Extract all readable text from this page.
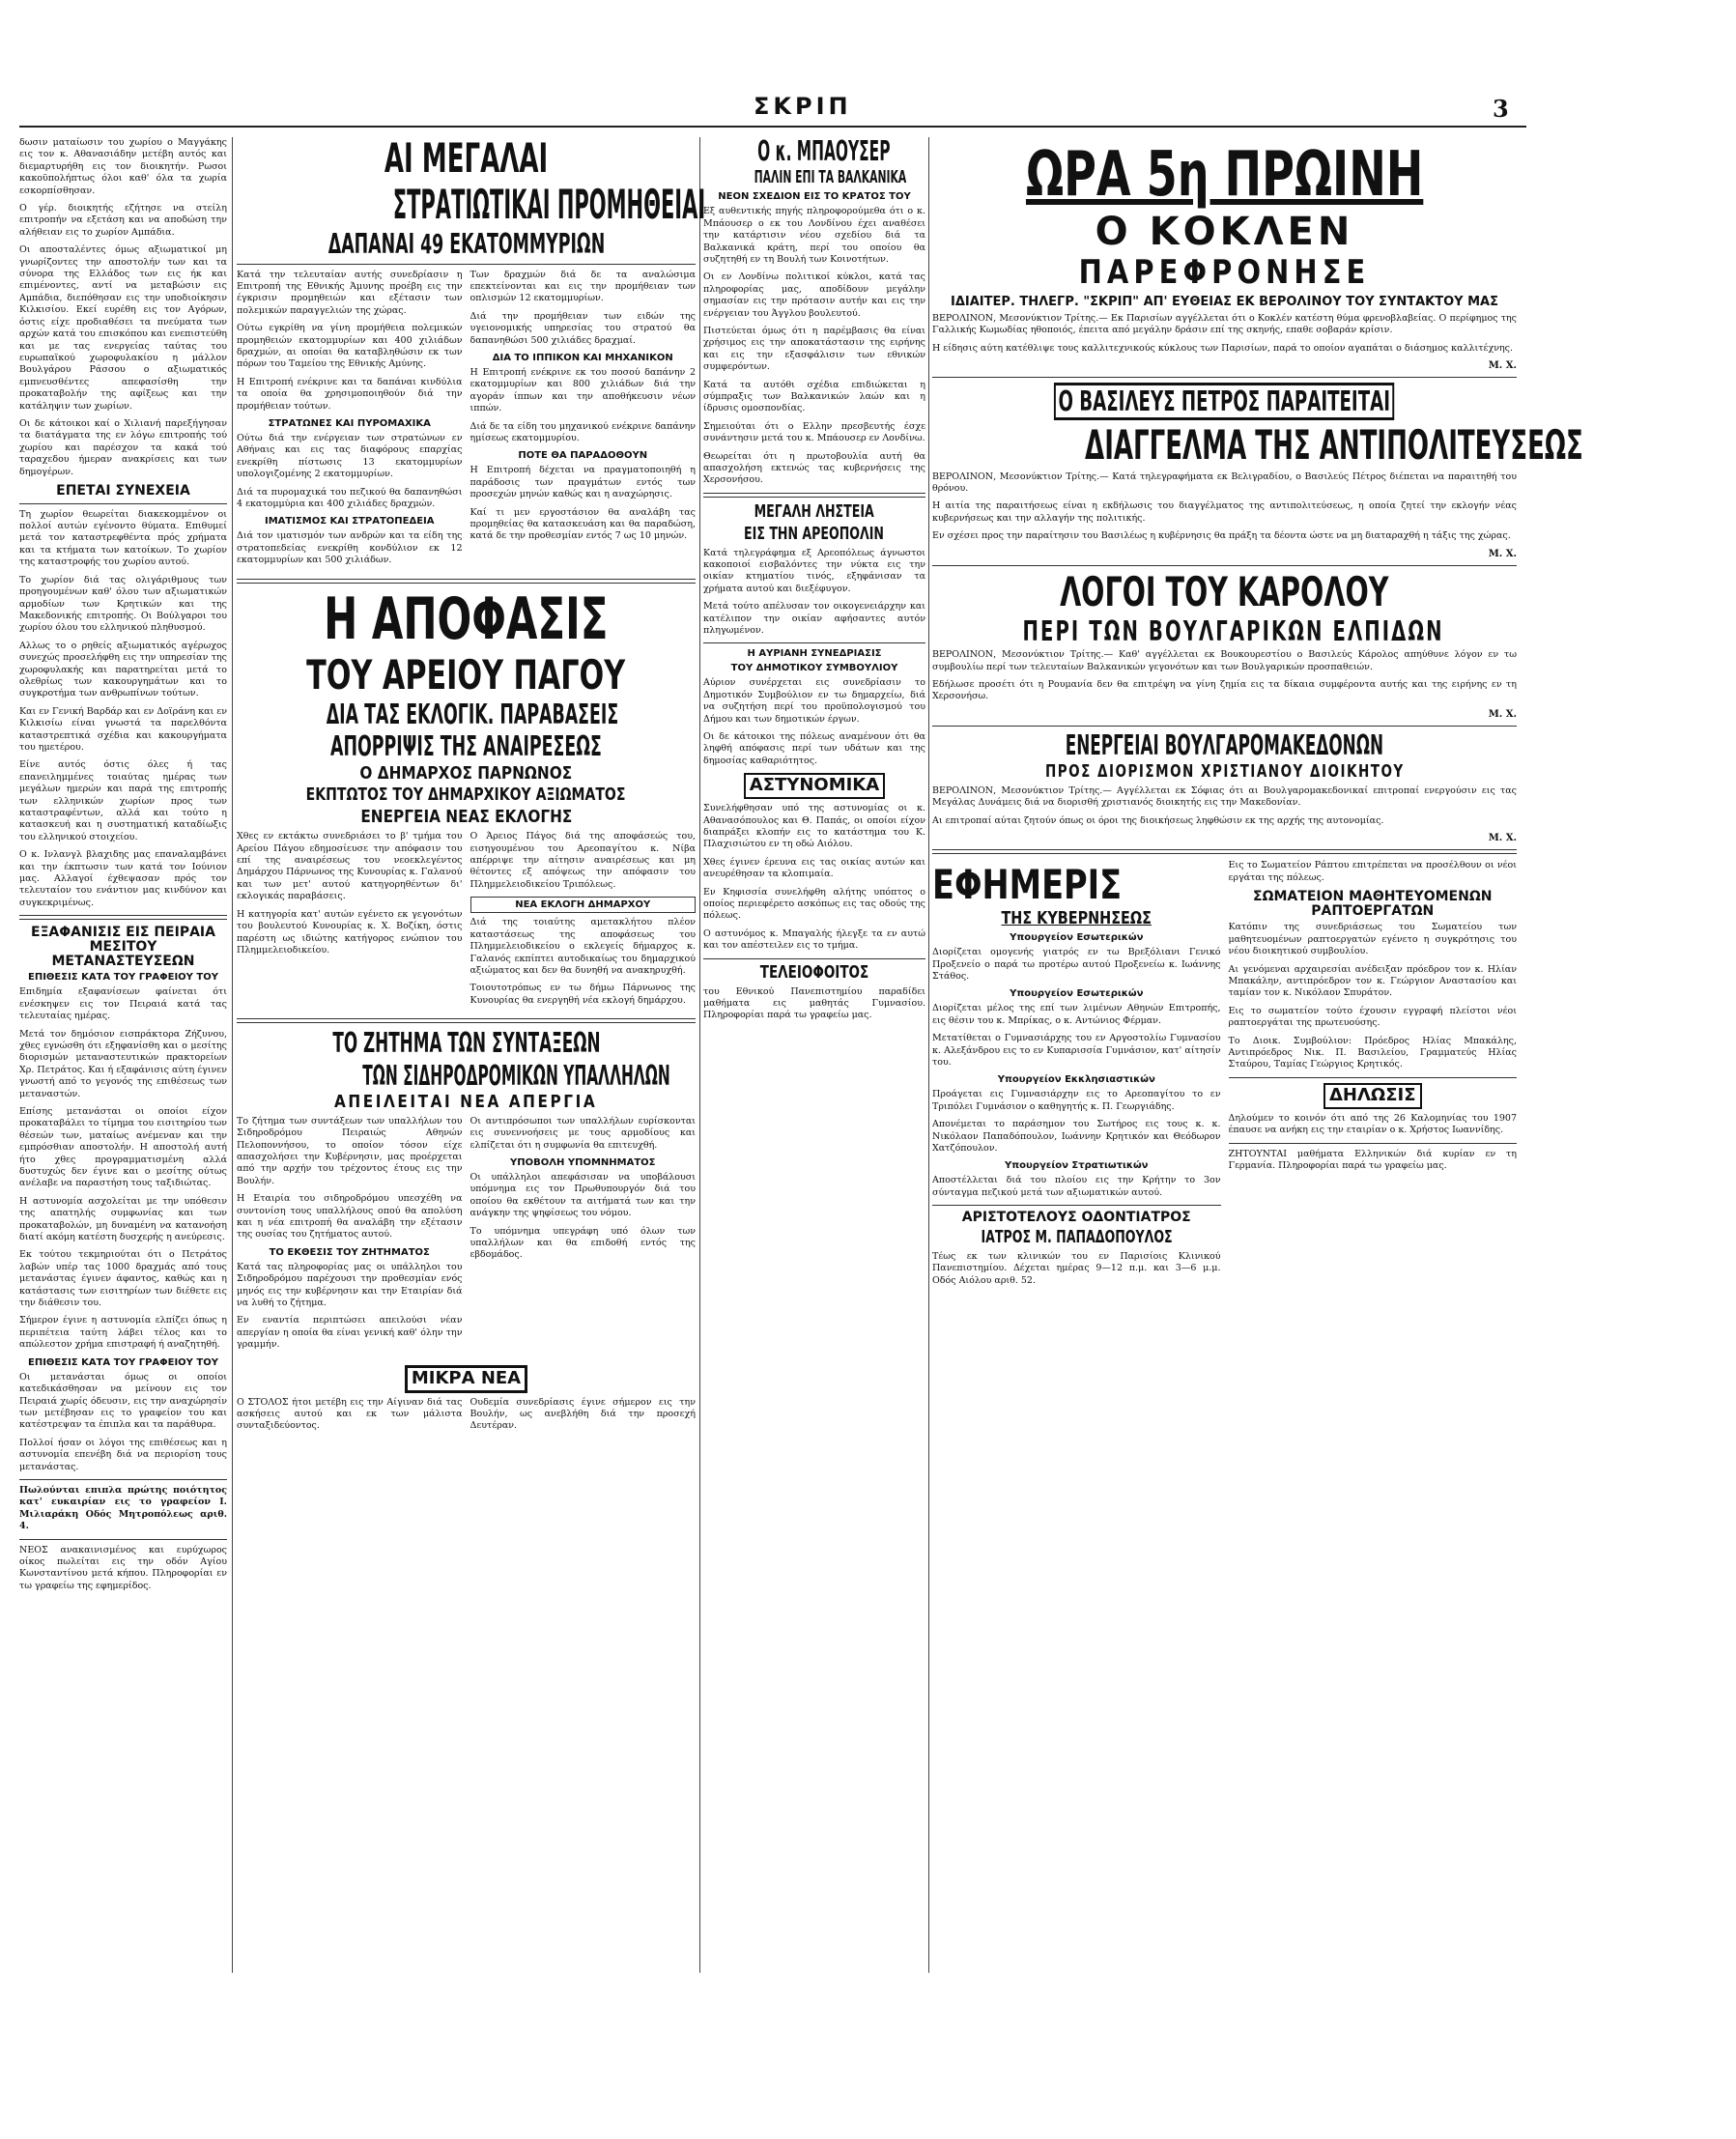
ΣΚΡΙΠ	3

δωσιν ματαίωσιν του χωρίου ο Μαγγάκης εις τον κ. Αθανασιάδην μετέβη αυτός και διεμαρτυρήθη εις τον διοικητήν. Ρωσοι κακοϋπολήπτως όλοι καθ' όλα τα χωρία εσκορπίσθησαν.

Ο γέρ. διοικητής εζήτησε να στείλη επιτροπήν να εξετάση και να αποδώση την αλήθειαν εις το χωρίον Αμπάδια.

Οι αποσταλέντες όμως αξιωματικοί μη γνωρίζοντες την αποστολήν των και τα σύνορα της Ελλάδος των εις ήκ και επιμένοντες, αντί να μεταβώσιν εις Αμπάδια, διεπόθησαν εις την υποδιοίκησιν Κιλκισίου. Εκεί ευρέθη εις τον Αγόρων, όστις είχε προδιαθέσει τα πνεύματα των αρχών κατά του επισκόπου και ενεπιστεύθη και με τας ενεργείας ταύτας του ευρωπαϊκού χωροφυλακίου η μάλλον Βουλγάρου Ράσσου ο αξιωματικός εμπνευσθέντες απεφασίσθη την προκαταβολήν της αφίξεως και την κατάληψιν των χωρίων.

Οι δε κάτοικοι καί ο Χιλιανή παρεξήγησαν τα διατάγματα της εν λόγω επιτροπής τού χωρίου και παρέσχον τα κακά τού ταραχεδου ήμεραν ανακρίσεις και των δημογέρων.

ΕΠΕΤΑΙ ΣΥΝΕΧΕΙΑ

Τη χωρίον θεωρείται διακεκομμένον οι πολλοί αυτών εγένοντο θύματα. Επιθυμεί μετά τον καταστρεφθέντα πρός χρήματα και τα κτήματα των κατοίκων. Το χωρίον της καταστροφής του χωρίου αυτού.

Το χωρίον διά τας ολιγάριθμους των προηγουμένων καθ' όλου των αξιωματικών αρμοδίων των Κρητικών και της Μακεδονικής επιτροπής. Οι Βούλγαροι του χωρίου όλου του ελληνικού πληθυσμού.

Αλλως το ο ρηθείς αξιωματικός αγέρωχος συνεχώς προσελήφθη εις την υπηρεσίαν της χωροφυλακής και παρατηρείται μετά το ολεθρίως των κακουργημάτων και το συγκροτήμα των ανθρωπίνων τούτων.

Και εν Γενική Βαρδάρ και εν Δοϊράνη και εν Κιλκισίω είναι γνωστά τα παρελθόντα καταστρεπτικά σχέδια και κακουργήματα του ημετέρου.

Είνε αυτός όστις όλες ή τας επανειλημμένες τοιαύτας ημέρας των μεγάλων ημερών και παρά της επιτροπής των ελληνικών χωρίων προς των καταστραφέντων, αλλά και τούτο η κατασκευή και η συστηματική καταδίωξις του ελληνικού στοιχείου.

Ο κ. Ινλανγλ βλαχιδης μας επαναλαμβάνει και την έκπτωσιν των κατά τον Ιούνιον μας. Αλλαγοί έχθεψασαν πρός τον τελευταίον του ενάντιον μας κινδύνον και συγκεκριμένως.

ΕΞΑΦΑΝΙΣΙΣ ΕΙΣ ΠΕΙΡΑΙΑ ΜΕΣΙΤΟΥ ΜΕΤΑΝΑΣΤΕΥΣΕΩΝ
ΕΠΙΘΕΣΙΣ ΚΑΤΑ ΤΟΥ ΓΡΑΦΕΙΟΥ ΤΟΥ

Επιδημία εξαφανίσεων φαίνεται ότι ενέσκηψεν εις τον Πειραιά κατά τας τελευταίας ημέρας.

Μετά τον δημόσιον εισπράκτορα Ζήζυνου, χθες εγνώσθη ότι εξηφανίσθη και ο μεσίτης διορισμών μεταναστευτικών πρακτορείων Χρ. Πετράτος. Και ή εξαφάνισις αύτη έγινεν γνωστή από το γεγονός της επιθέσεως των μεταναστών.

Επίσης μετανάσται οι οποίοι είχον προκαταβάλει το τίμημα του εισιτηρίου των θέσεών των, ματαίως ανέμεναν και την εμπρόσθιαν αποστολήν. Η αποστολή αυτή ήτο χθες προγραμματισμένη αλλά δυστυχώς δεν έγινε και ο μεσίτης ούτως ανέλαβε να παραστήση τους ταξιδιώτας.

Η αστυνομία ασχολείται με την υπόθεσιν της απατηλής συμφωνίας και των προκαταβολών, μη δυναμένη να κατανοήση διατί ακόμη κατέστη δυσχερής η ανεύρεσις.

Εκ τούτου τεκμηριούται ότι ο Πετράτος λαβών υπέρ τας 1000 δραχμάς από τους μετανάστας έγινεν άφαντος, καθώς και η κατάστασις των εισιτηρίων των διέθετε εις την διάθεσιν του.

Σήμερον έγινε η αστυνομία ελπίζει όπως η περιπέτεια ταύτη λάβει τέλος και το απώλεστον χρήμα επιστραφή ή αναζητηθή.

ΕΠΙΘΕΣΙΣ ΚΑΤΑ ΤΟΥ ΓΡΑΦΕΙΟΥ ΤΟΥ

Οι μετανάσται όμως οι οποίοι κατεδικάσθησαν να μείνουν εις τον Πειραιά χωρίς όδευσιν, εις την αναχώρησίν των μετέβησαν εις το γραφείον του και κατέστρεψαν τα έπιπλα και τα παράθυρα.

Πολλοί ήσαν οι λόγοι της επιθέσεως και η αστυνομία επενέβη διά να περιορίση τους μετανάστας.

Πωλούνται επιπλα πρώτης ποιότητος κατ' ευκαιρίαν εις το γραφείον Ι. Μιλιαράκη Οδός Μητροπόλεως αριθ. 4.

ΝΕΟΣ ανακαινισμένος και ευρύχωρος οίκος πωλείται εις την οδόν Αγίου Κωνσταντίνου μετά κήπου. Πληροφορίαι εν τω γραφείω της εφημερίδος.

ΑΙ ΜΕΓΑΛΑΙ
ΣΤΡΑΤΙΩΤΙΚΑΙ ΠΡΟΜΗΘΕΙΑΙ
ΔΑΠΑΝΑΙ 49 ΕΚΑΤΟΜΜΥΡΙΩΝ

Κατά την τελευταίαν αυτής συνεδρίασιν η Επιτροπή της Εθνικής Άμυνης προέβη εις την έγκρισιν προμηθειών και εξέτασιν των πολεμικών παραγγελιών της χώρας.

Ούτω εγκρίθη να γίνη προμήθεια πολεμικών προμηθειών εκατομμυρίων και 400 χιλιάδων δραχμών, αι οποίαι θα καταβληθώσιν εκ των πόρων του Ταμείου της Εθνικής Αμύνης.

Η Επιτροπή ενέκρινε και τα δαπάναι κινδύλια τα οποία θα χρησιμοποιηθούν διά την προμήθειαν τούτων.

ΣΤΡΑΤΩΝΕΣ ΚΑΙ ΠΥΡΟΜΑΧΙΚΑ

Ούτω διά την ενέργειαν των στρατώνων εν Αθήναις και εις τας διαφόρους επαρχίας ενεκρίθη πίστωσις 13 εκατομμυρίων υπολογιζομένης 2 εκατομμυρίων.

Διά τα πυρομαχικά του πεζικού θα δαπανηθώσι 4 εκατομμύρια και 400 χιλιάδες δραχμών.

ΙΜΑΤΙΣΜΟΣ ΚΑΙ ΣΤΡΑΤΟΠΕΔΕΙΑ

Διά τον ιματισμόν των ανδρών και τα είδη της στρατοπεδείας ενεκρίθη κονδύλιον εκ 12 εκατομμυρίων και 500 χιλιάδων.

Των δραχμών διά δε τα αναλώσιμα επεκτείνονται και εις την προμήθειαν των οπλισμών 12 εκατομμυρίων.

Διά την προμήθειαν των ειδών της υγειονομικής υπηρεσίας του στρατού θα δαπανηθώσι 500 χιλιάδες δραχμαί.

ΔΙΑ ΤΟ ΙΠΠΙΚΟΝ ΚΑΙ ΜΗΧΑΝΙΚΟΝ

Η Επιτροπή ενέκρινε εκ του ποσού δαπάνην 2 εκατομμυρίων και 800 χιλιάδων διά την αγοράν ίππων και την αποθήκευσιν νέων ιππών.

Διά δε τα είδη του μηχανικού ενέκρινε δαπάνην ημίσεως εκατομμυρίου.

ΠΟΤΕ ΘΑ ΠΑΡΑΔΟΘΟΥΝ

Η Επιτροπή δέχεται να πραγματοποιηθή η παράδοσις των πραγμάτων εντός των προσεχών μηνών καθώς και η αναχώρησις.

Καί τι μεν εργοστάσιον θα αναλάβη τας προμηθείας θα κατασκευάση και θα παραδώση, κατά δε την προθεσμίαν εντός 7 ως 10 μηνών.

Η ΑΠΟΦΑΣΙΣ
ΤΟΥ ΑΡΕΙΟΥ ΠΑΓΟΥ
ΔΙΑ ΤΑΣ ΕΚΛΟΓΙΚ. ΠΑΡΑΒΑΣΕΙΣ
ΑΠΟΡΡΙΨΙΣ ΤΗΣ ΑΝΑΙΡΕΣΕΩΣ
Ο ΔΗΜΑΡΧΟΣ ΠΑΡΝΩΝΟΣ
ΕΚΠΤΩΤΟΣ ΤΟΥ ΔΗΜΑΡΧΙΚΟΥ ΑΞΙΩΜΑΤΟΣ
ΕΝΕΡΓΕΙΑ ΝΕΑΣ ΕΚΛΟΓΗΣ

Χθες εν εκτάκτω συνεδριάσει το β' τμήμα του Αρείου Πάγου εδημοσίευσε την απόφασιν του επί της αναιρέσεως του νεοεκλεγέντος Δημάρχου Πάρνωνος της Κυνουρίας κ. Γαλανού και των μετ' αυτού κατηγορηθέντων δι' εκλογικάς παραβάσεις.

Η κατηγορία κατ' αυτών εγένετο εκ γεγονότων του βουλευτού Κυνουρίας κ. Χ. Βοζίκη, όστις παρέστη ως ιδιώτης κατήγορος ενώπιον του Πλημμελειοδικείου.

Ο Άρειος Πάγος διά της αποφάσεώς του, εισηγουμένου του Αρεοπαγίτου κ. Νίβα απέρριψε την αίτησιν αναιρέσεως και μη θέτοντες εξ απόψεως την απόφασιν του Πλημμελειοδικείου Τριπόλεως.

ΝΕΑ ΕΚΛΟΓΗ ΔΗΜΑΡΧΟΥ

Διά της τοιαύτης αμετακλήτου πλέον καταστάσεως της αποφάσεως του Πλημμελειοδικείου ο εκλεγείς δήμαρχος κ. Γαλανός εκπίπτει αυτοδικαίως του δημαρχικού αξιώματος και δεν θα δυνηθή να ανακηρυχθή.

Τοιουτοτρόπως εν τω δήμω Πάρνωνος της Κυνουρίας θα ενεργηθή νέα εκλογή δημάρχου.

ΤΟ ΖΗΤΗΜΑ ΤΩΝ ΣΥΝΤΑΞΕΩΝ
ΤΩΝ ΣΙΔΗΡΟΔΡΟΜΙΚΩΝ ΥΠΑΛΛΗΛΩΝ
ΑΠΕΙΛΕΙΤΑΙ ΝΕΑ ΑΠΕΡΓΙΑ

Το ζήτημα των συντάξεων των υπαλλήλων του Σιδηροδρόμου Πειραιώς Αθηνών Πελοποννήσου, το οποίον τόσον είχε απασχολήσει την Κυβέρνησιν, μας προέρχεται από την αρχήν του τρέχοντος έτους εις την Βουλήν.

Η Εταιρία του σιδηροδρόμου υπεσχέθη να συντονίση τους υπαλλήλους οπού θα απολύση και η νέα επιτροπή θα αναλάβη την εξέτασιν της ουσίας του ζητήματος αυτού.

ΤΟ ΕΚΘΕΣΙΣ ΤΟΥ ΖΗΤΗΜΑΤΟΣ

Κατά τας πληροφορίας μας οι υπάλληλοι του Σιδηροδρόμου παρέχουσι την προθεσμίαν ενός μηνός εις την κυβέρνησιν και την Εταιρίαν διά να λυθή το ζήτημα.

Εν εναντία περιπτώσει απειλούσι νέαν απεργίαν η οποία θα είναι γενική καθ' όλην την γραμμήν.

Οι αντιπρόσωποι των υπαλλήλων ευρίσκονται εις συνεννοήσεις με τους αρμοδίους και ελπίζεται ότι η συμφωνία θα επιτευχθή.

ΥΠΟΒΟΛΗ ΥΠΟΜΝΗΜΑΤΟΣ

Οι υπάλληλοι απεφάσισαν να υποβάλουσι υπόμνημα εις τον Πρωθυπουργόν διά του οποίου θα εκθέτουν τα αιτήματά των και την ανάγκην της ψηφίσεως του νόμου.

Το υπόμνημα υπεγράφη υπό όλων των υπαλλήλων και θα επιδοθή εντός της εβδομάδος.

ΜΙΚΡΑ ΝΕΑ

Ο ΣΤΟΛΟΣ ήτοι μετέβη εις την Αίγιναν διά τας ασκήσεις αυτού και εκ των μάλιστα συνταξιδεύοντος.

Ουδεμία συνεδρίασις έγινε σήμερον εις την Βουλήν, ως ανεβλήθη διά την προσεχή Δευτέραν.

Ο κ. ΜΠΑΟΥΣΕΡ
ΠΑΛΙΝ ΕΠΙ ΤΑ ΒΑΛΚΑΝΙΚΑ
ΝΕΟΝ ΣΧΕΔΙΟΝ ΕΙΣ ΤΟ ΚΡΑΤΟΣ ΤΟΥ

Εξ αυθεντικής πηγής πληροφορούμεθα ότι ο κ. Μπάουσερ ο εκ του Λονδίνου έχει αναθέσει την κατάρτισιν νέου σχεδίου διά τα Βαλκανικά κράτη, περί του οποίου θα συζητηθή εν τη Βουλή των Κοινοτήτων.

Οι εν Λονδίνω πολιτικοί κύκλοι, κατά τας πληροφορίας μας, αποδίδουν μεγάλην σημασίαν εις την πρότασιν αυτήν και εις την ενέργειαν του Άγγλου βουλευτού.

Πιστεύεται όμως ότι η παρέμβασις θα είναι χρήσιμος εις την αποκατάστασιν της ειρήνης και εις την εξασφάλισιν των εθνικών συμφερόντων.

Κατά τα αυτόθι σχέδια επιδιώκεται η σύμπραξις των Βαλκανικών λαών και η ίδρυσις ομοσπονδίας.

Σημειούται ότι ο Ελλην πρεσβευτής έσχε συνάντησιν μετά του κ. Μπάουσερ εν Λονδίνω.

Θεωρείται ότι η πρωτοβουλία αυτή θα απασχολήση εκτενώς τας κυβερνήσεις της Χερσονήσου.

ΜΕΓΑΛΗ ΛΗΣΤΕΙΑ
ΕΙΣ ΤΗΝ ΑΡΕΟΠΟΛΙΝ

Κατά τηλεγράφημα εξ Αρεοπόλεως άγνωστοι κακοποιοί εισβαλόντες την νύκτα εις την οικίαν κτηματίου τινός, εξηφάνισαν τα χρήματα αυτού και διεξέφυγον.

Μετά τούτο απέλυσαν τον οικογενειάρχην και κατέλιπον την οικίαν αφήσαντες αυτόν πληγωμένον.

Η ΑΥΡΙΑΝΗ ΣΥΝΕΔΡΙΑΣΙΣ
ΤΟΥ ΔΗΜΟΤΙΚΟΥ ΣΥΜΒΟΥΛΙΟΥ

Αύριον συνέρχεται εις συνεδρίασιν το Δημοτικόν Συμβούλιον εν τω δημαρχείω, διά να συζητήση περί του προϋπολογισμού του Δήμου και των δημοτικών έργων.

Οι δε κάτοικοι της πόλεως αναμένουν ότι θα ληφθή απόφασις περί των υδάτων και της δημοσίας καθαριότητος.

ΑΣΤΥΝΟΜΙΚΑ

Συνελήφθησαν υπό της αστυνομίας οι κ. Αθανασόπουλος και Θ. Παπάς, οι οποίοι είχον διαπράξει κλοπήν εις το κατάστημα του Κ. Πλαχισιώτου εν τη οδώ Αιόλου.

Χθες έγινεν έρευνα εις τας οικίας αυτών και ανευρέθησαν τα κλοπιμαία.

Εν Κηφισσία συνελήφθη αλήτης υπόπτος ο οποίος περιεφέρετο ασκόπως εις τας οδούς της πόλεως.

Ο αστυνόμος κ. Μπαγαλής ήλεγξε τα εν αυτώ και τον απέστειλεν εις το τμήμα.

ΤΕΛΕΙΟΦΟΙΤΟΣ

του Εθνικού Πανεπιστημίου παραδίδει μαθήματα εις μαθητάς Γυμνασίου. Πληροφορίαι παρά τω γραφείω μας.

ΩΡΑ 5η ΠΡΩΙΝΗ
Ο ΚΟΚΛΕΝ
ΠΑΡΕΦΡΟΝΗΣΕ
ΙΔΙΑΙΤΕΡ. ΤΗΛΕΓΡ. "ΣΚΡΙΠ" ΑΠ' ΕΥΘΕΙΑΣ ΕΚ ΒΕΡΟΛΙΝΟΥ ΤΟΥ ΣΥΝΤΑΚΤΟΥ ΜΑΣ

ΒΕΡΟΛΙΝΟΝ, Μεσονύκτιον Τρίτης.— Εκ Παρισίων αγγέλλεται ότι ο Κοκλέν κατέστη θύμα φρενοβλαβείας. Ο περίφημος της Γαλλικής Κωμωδίας ηθοποιός, έπειτα από μεγάλην δράσιν επί της σκηνής, επαθε σοβαράν κρίσιν.

Η είδησις αύτη κατέθλιψε τους καλλιτεχνικούς κύκλους των Παρισίων, παρά το οποίον αγαπάται ο διάσημος καλλιτέχνης.

Μ. Χ.
Ο ΒΑΣΙΛΕΥΣ ΠΕΤΡΟΣ ΠΑΡΑΙΤΕΙΤΑΙ
ΔΙΑΓΓΕΛΜΑ ΤΗΣ ΑΝΤΙΠΟΛΙΤΕΥΣΕΩΣ

ΒΕΡΟΛΙΝΟΝ, Μεσονύκτιον Τρίτης.— Κατά τηλεγραφήματα εκ Βελιγραδίου, ο Βασιλεύς Πέτρος διέπεται να παραιτηθή του θρόνου.

Η αιτία της παραιτήσεως είναι η εκδήλωσις του διαγγέλματος της αντιπολιτεύσεως, η οποία ζητεί την εκλογήν νέας κυβερνήσεως και την αλλαγήν της πολιτικής.

Εν σχέσει προς την παραίτησιν του Βασιλέως η κυβέρνησις θα πράξη τα δέοντα ώστε να μη διαταραχθή η τάξις της χώρας.

Μ. Χ.
ΛΟΓΟΙ ΤΟΥ ΚΑΡΟΛΟΥ
ΠΕΡΙ ΤΩΝ ΒΟΥΛΓΑΡΙΚΩΝ ΕΛΠΙΔΩΝ

ΒΕΡΟΛΙΝΟΝ, Μεσονύκτιον Τρίτης.— Καθ' αγγέλλεται εκ Βουκουρεστίου ο Βασιλεύς Κάρολος απηύθυνε λόγον εν τω συμβουλίω περί των τελευταίων Βαλκανικών γεγονότων και των Βουλγαρικών προσπαθειών.

Εδήλωσε προσέτι ότι η Ρουμανία δεν θα επιτρέψη να γίνη ζημία εις τα δίκαια συμφέροντα αυτής και της ειρήνης εν τη Χερσονήσω.

Μ. Χ.
ΕΝΕΡΓΕΙΑΙ ΒΟΥΛΓΑΡΟΜΑΚΕΔΟΝΩΝ
ΠΡΟΣ ΔΙΟΡΙΣΜΟΝ ΧΡΙΣΤΙΑΝΟΥ ΔΙΟΙΚΗΤΟΥ

ΒΕΡΟΛΙΝΟΝ, Μεσονύκτιον Τρίτης.— Αγγέλλεται εκ Σόφιας ότι αι Βουλγαρομακεδονικαί επιτροπαί ενεργούσιν εις τας Μεγάλας Δυνάμεις διά να διορισθή χριστιανός διοικητής εις την Μακεδονίαν.

Αι επιτροπαί αύται ζητούν όπως οι όροι της διοικήσεως ληφθώσιν εκ της αρχής της αυτονομίας.

Μ. Χ.
ΕΦΗΜΕΡΙΣ
ΤΗΣ ΚΥΒΕΡΝΗΣΕΩΣ
Υπουργείον Εσωτερικών

Διορίζεται ομογενής γιατρός εν τω Βρεξόλιανι Γενικό Προξενείο ο παρά τω προτέρω αυτού Προξενείω κ. Ιωάννης Στάθος.

Υπουργείον Εσωτερικών

Διορίζεται μέλος της επί των λιμένων Αθηνών Επιτροπής, εις θέσιν του κ. Μπρίκας, ο κ. Αντώνιος Φέρμαν.

Μετατίθεται ο Γυμνασιάρχης του εν Αργοστολίω Γυμνασίου κ. Αλεξάνδρου εις το εν Κυπαρισσία Γυμνάσιον, κατ' αίτησίν του.

Υπουργείον Εκκλησιαστικών

Προάγεται εις Γυμνασιάρχην εις το Αρεοπαγίτου το εν Τριπόλει Γυμνάσιον ο καθηγητής κ. Π. Γεωργιάδης.

Απονέμεται το παράσημον του Σωτήρος εις τους κ. κ. Νικόλαον Παπαδόπουλον, Ιωάννην Κρητικόν και Θεόδωρον Χατζόπουλον.

Υπουργείον Στρατιωτικών

Αποστέλλεται διά του πλοίου εις την Κρήτην το 3ον σύνταγμα πεζικού μετά των αξιωματικών αυτού.

ΑΡΙΣΤΟΤΕΛΟΥΣ ΟΔΟΝΤΙΑΤΡΟΣ
ΙΑΤΡΟΣ Μ. ΠΑΠΑΔΟΠΟΥΛΟΣ

Τέως εκ των κλινικών του εν Παρισίοις Κλινικού Πανεπιστημίου. Δέχεται ημέρας 9—12 π.μ. και 3—6 μ.μ. Οδός Αιόλου αριθ. 52.

Εις το Σωματείον Ράπτου επιτρέπεται να προσέλθουν οι νέοι εργάται της πόλεως.

ΣΩΜΑΤΕΙΟΝ ΜΑΘΗΤΕΥΟΜΕΝΩΝ ΡΑΠΤΟΕΡΓΑΤΩΝ

Κατόπιν της συνεδριάσεως του Σωματείου των μαθητευομένων ραπτοεργατών εγένετο η συγκρότησις του νέου διοικητικού συμβουλίου.

Αι γενόμεναι αρχαιρεσίαι ανέδειξαν πρόεδρον τον κ. Ηλίαν Μπακάλην, αντιπρόεδρον τον κ. Γεώργιον Αναστασίου και ταμίαν τον κ. Νικόλαον Σπυράτον.

Εις το σωματείον τούτο έχουσιν εγγραφή πλείστοι νέοι ραπτοεργάται της πρωτευούσης.

Το Διοικ. Συμβούλιον: Πρόεδρος Ηλίας Μπακάλης, Αντιπρόεδρος Νικ. Π. Βασιλείου, Γραμματεύς Ηλίας Σταύρου, Ταμίας Γεώργιος Κρητικός.

ΔΗΛΩΣΙΣ

Δηλούμεν το κοινόν ότι από της 26 Καλομηνίας του 1907 έπαυσε να ανήκη εις την εταιρίαν ο κ. Χρήστος Ιωαννίδης.

ΖΗΤΟΥΝΤΑΙ μαθήματα Ελληνικών διά κυρίαν εν τη Γερμανία. Πληροφορίαι παρά τω γραφείω μας.
